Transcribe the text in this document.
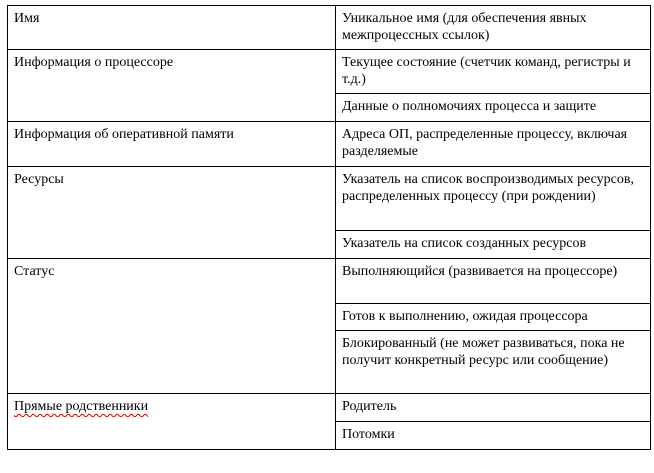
Имя	Уникальное имя (для обеспечения явных межпроцессных ссылок)
Информация о процессоре	Текущее состояние (счетчик команд, регистры и т.д.)
	Данные о полномочиях процесса и защите
Информация об оперативной памяти	Адреса ОП, распределенные процессу, включая разделяемые
Ресурсы	Указатель на список воспроизводимых ресурсов, распределенных процессу (при рождении)
	Указатель на список созданных ресурсов
Статус	Выполняющийся (развивается на процессоре)
	Готов к выполнению, ожидая процессора
	Блокированный (не может развиваться, пока не получит конкретный ресурс или сообщение)
Прямые родственники	Родитель
	Потомки
